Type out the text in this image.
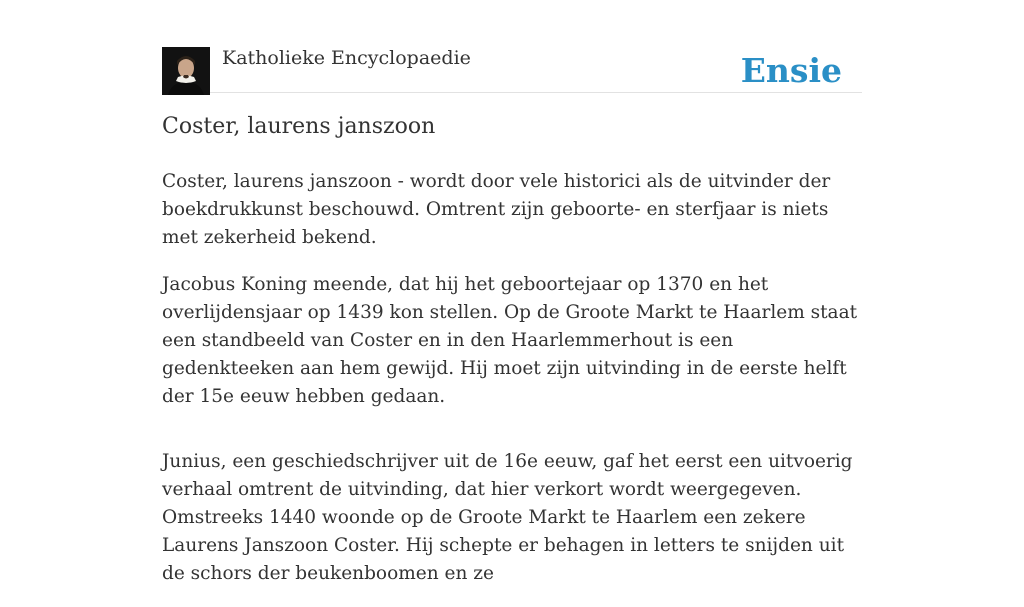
Katholieke Encyclopaedie	Ensie
Coster, laurens janszoon

Coster, laurens janszoon - wordt door vele historici als de uitvinder der boekdrukkunst beschouwd. Omtrent zijn geboorte- en sterfjaar is niets met zekerheid bekend.

Jacobus Koning meende, dat hij het geboortejaar op 1370 en het overlijdensjaar op 1439 kon stellen. Op de Groote Markt te Haarlem staat een standbeeld van Coster en in den Haarlemmerhout is een gedenkteeken aan hem gewijd. Hij moet zijn uitvinding in de eerste helft der 15e eeuw hebben gedaan.

Junius, een geschiedschrijver uit de 16e eeuw, gaf het eerst een uitvoerig verhaal omtrent de uitvinding, dat hier verkort wordt weergegeven. Omstreeks 1440 woonde op de Groote Markt te Haarlem een zekere Laurens Janszoon Coster. Hij schepte er behagen in letters te snijden uit de schors der beukenboomen en ze
